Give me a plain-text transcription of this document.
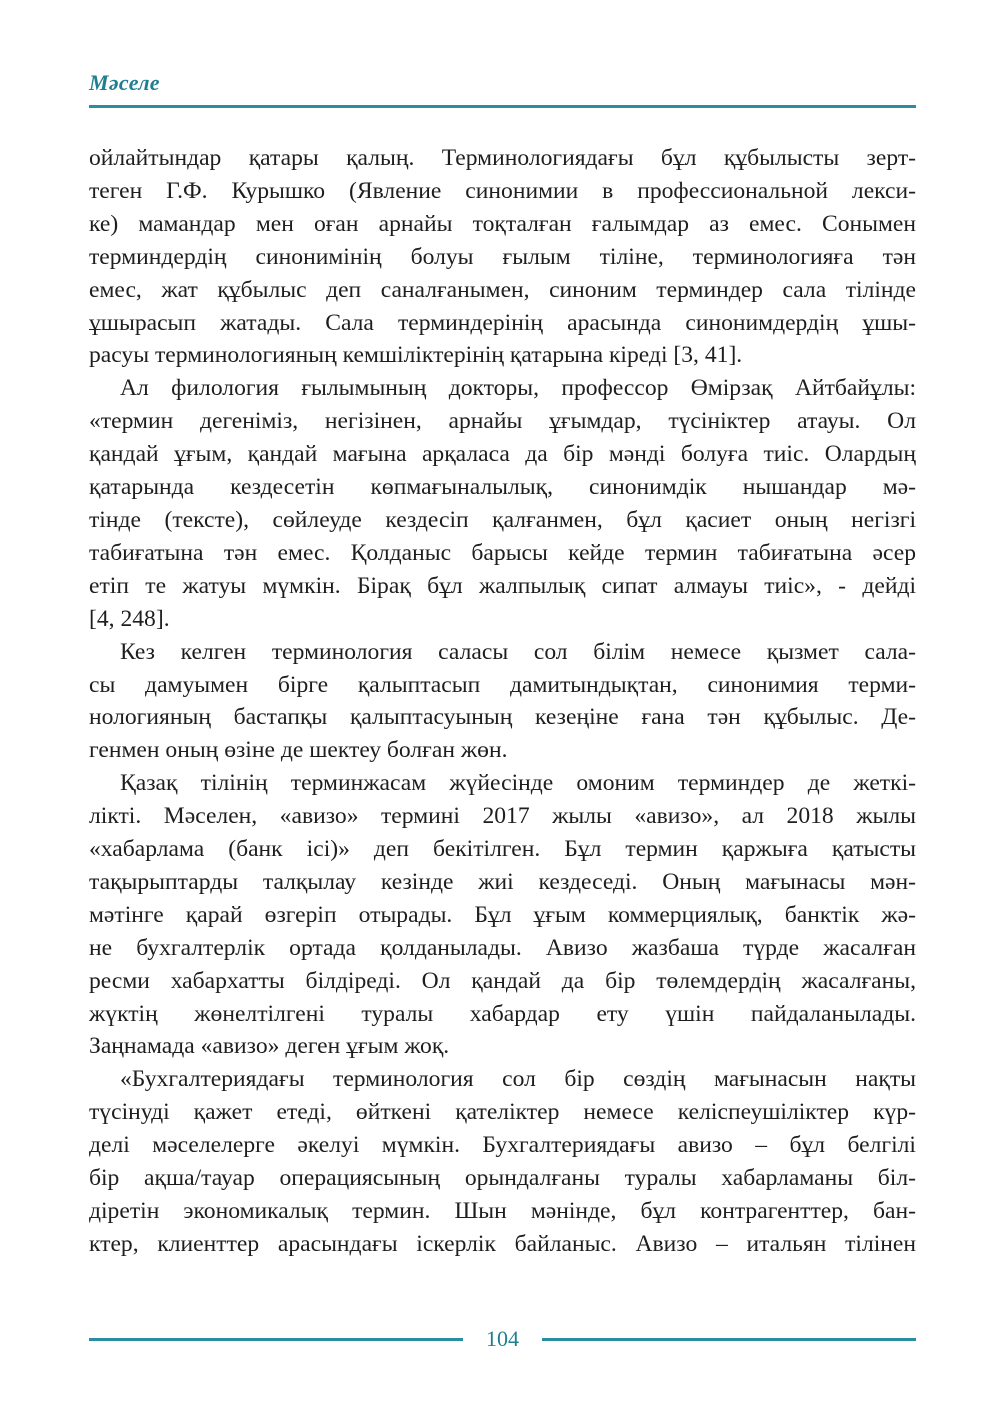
Мәселе

ойлайтындар қатары қалың. Терминологиядағы бұл құбылысты зерт-
теген Г.Ф. Курышко (Явление синонимии в профессиональной лекси-
ке) мамандар мен оған арнайы тоқталған ғалымдар аз емес. Сонымен
терминдердің синонимінің болуы ғылым тіліне, терминологияға тән
емес, жат құбылыс деп саналғанымен, синоним терминдер сала тілінде
ұшырасып жатады. Сала терминдерінің арасында синонимдердің ұшы-
расуы терминологияның кемшіліктерінің қатарына кіреді [3, 41].

Ал филология ғылымының докторы, профессор Өмірзақ Айтбайұлы:
«термин дегеніміз, негізінен, арнайы ұғымдар, түсініктер атауы. Ол
қандай ұғым, қандай мағына арқаласа да бір мәнді болуға тиіс. Олардың
қатарында кездесетін көпмағыналылық, синонимдік нышандар мә-
тінде (тексте), сөйлеуде кездесіп қалғанмен, бұл қасиет оның негізгі
табиғатына тән емес. Қолданыс барысы кейде термин табиғатына әсер
етіп те жатуы мүмкін. Бірақ бұл жалпылық сипат алмауы тиіс», - дейді
[4, 248].

Кез келген терминология саласы сол білім немесе қызмет сала-
сы дамуымен бірге қалыптасып дамитындықтан, синонимия терми-
нологияның бастапқы қалыптасуының кезеңіне ғана тән құбылыс. Де-
генмен оның өзіне де шектеу болған жөн.

Қазақ тілінің терминжасам жүйесінде омоним терминдер де жеткі-
лікті. Мәселен, «авизо» термині 2017 жылы «авизо», ал 2018 жылы
«хабарлама (банк ісі)» деп бекітілген. Бұл термин қаржыға қатысты
тақырыптарды талқылау кезінде жиі кездеседі. Оның мағынасы мән-
мәтінге қарай өзгеріп отырады. Бұл ұғым коммерциялық, банктік жә-
не бухгалтерлік ортада қолданылады. Авизо жазбаша түрде жасалған
ресми хабархатты білдіреді. Ол қандай да бір төлемдердің жасалғаны,
жүктің жөнелтілгені туралы хабардар ету үшін пайдаланылады.
Заңнамада «авизо» деген ұғым жоқ.

«Бухгалтериядағы терминология сол бір сөздің мағынасын нақты
түсінуді қажет етеді, өйткені қателіктер немесе келіспеушіліктер күр-
делі мәселелерге әкелуі мүмкін. Бухгалтериядағы авизо – бұл белгілі
бір ақша/тауар операциясының орындалғаны туралы хабарламаны біл-
діретін экономикалық термин. Шын мәнінде, бұл контрагенттер, бан-
ктер, клиенттер арасындағы іскерлік байланыс. Авизо – итальян тілінен

104
